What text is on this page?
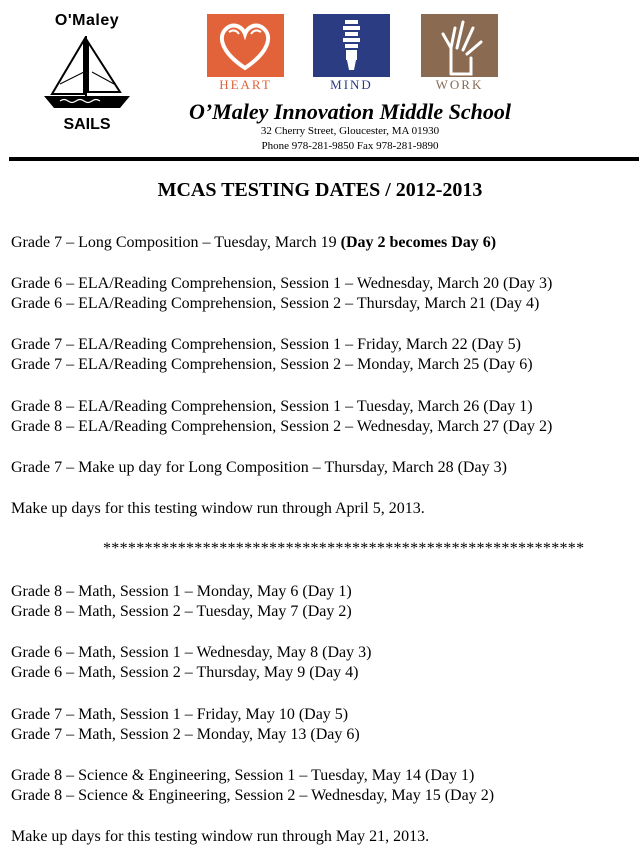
O'Maley
SAILS
HEART	MIND	WORK
O’Maley Innovation Middle School
32 Cherry Street, Gloucester, MA 01930
Phone 978-281-9850 Fax 978-281-9890
MCAS TESTING DATES / 2012-2013
Grade 7 – Long Composition – Tuesday, March 19 (Day 2 becomes Day 6)
Grade 6 – ELA/Reading Comprehension, Session 1 – Wednesday, March 20 (Day 3)
Grade 6 – ELA/Reading Comprehension, Session 2 – Thursday, March 21 (Day 4)
Grade 7 – ELA/Reading Comprehension, Session 1 – Friday, March 22 (Day 5)
Grade 7 – ELA/Reading Comprehension, Session 2 – Monday, March 25 (Day 6)
Grade 8 – ELA/Reading Comprehension, Session 1 – Tuesday, March 26 (Day 1)
Grade 8 – ELA/Reading Comprehension, Session 2 – Wednesday, March 27 (Day 2)
Grade 7 – Make up day for Long Composition – Thursday, March 28 (Day 3)
Make up days for this testing window run through April 5, 2013.
**********************************************************
Grade 8 – Math, Session 1 – Monday, May 6 (Day 1)
Grade 8 – Math, Session 2 – Tuesday, May 7 (Day 2)
Grade 6 – Math, Session 1 – Wednesday, May 8 (Day 3)
Grade 6 – Math, Session 2 – Thursday, May 9 (Day 4)
Grade 7 – Math, Session 1 – Friday, May 10 (Day 5)
Grade 7 – Math, Session 2 – Monday, May 13 (Day 6)
Grade 8 – Science & Engineering, Session 1 – Tuesday, May 14 (Day 1)
Grade 8 – Science & Engineering, Session 2 – Wednesday, May 15 (Day 2)
Make up days for this testing window run through May 21, 2013.
